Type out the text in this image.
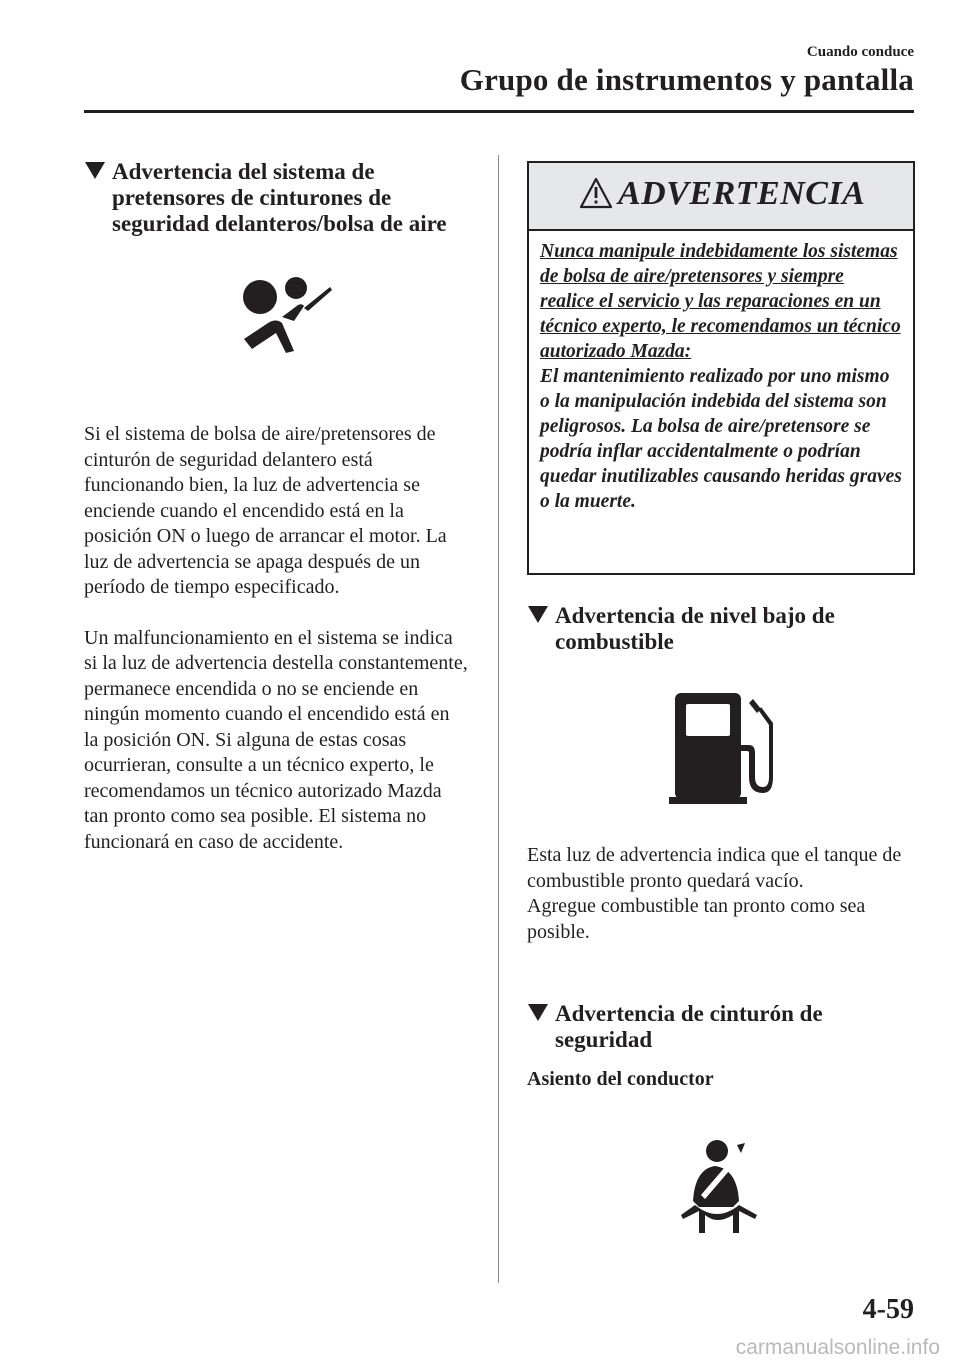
Cuando conduce
Grupo de instrumentos y pantalla
Advertencia del sistema de pretensores de cinturones de seguridad delanteros/bolsa de aire

Si el sistema de bolsa de aire/pretensores de cinturón de seguridad delantero está funcionando bien, la luz de advertencia se enciende cuando el encendido está en la posición ON o luego de arrancar el motor. La luz de advertencia se apaga después de un período de tiempo especificado.

Un malfuncionamiento en el sistema se indica si la luz de advertencia destella constantemente, permanece encendida o no se enciende en ningún momento cuando el encendido está en la posición ON. Si alguna de estas cosas ocurrieran, consulte a un técnico experto, le recomendamos un técnico autorizado Mazda tan pronto como sea posible. El sistema no funcionará en caso de accidente.

ADVERTENCIA
Nunca manipule indebidamente los sistemas de bolsa de aire/pretensores y siempre realice el servicio y las reparaciones en un técnico experto, le recomendamos un técnico autorizado Mazda:
El mantenimiento realizado por uno mismo o la manipulación indebida del sistema son peligrosos. La bolsa de aire/pretensore se podría inflar accidentalmente o podrían quedar inutilizables causando heridas graves o la muerte.
Advertencia de nivel bajo de combustible

Esta luz de advertencia indica que el tanque de combustible pronto quedará vacío.

Agregue combustible tan pronto como sea posible.

Advertencia de cinturón de seguridad
Asiento del conductor
4-59
carmanualsonline.info
